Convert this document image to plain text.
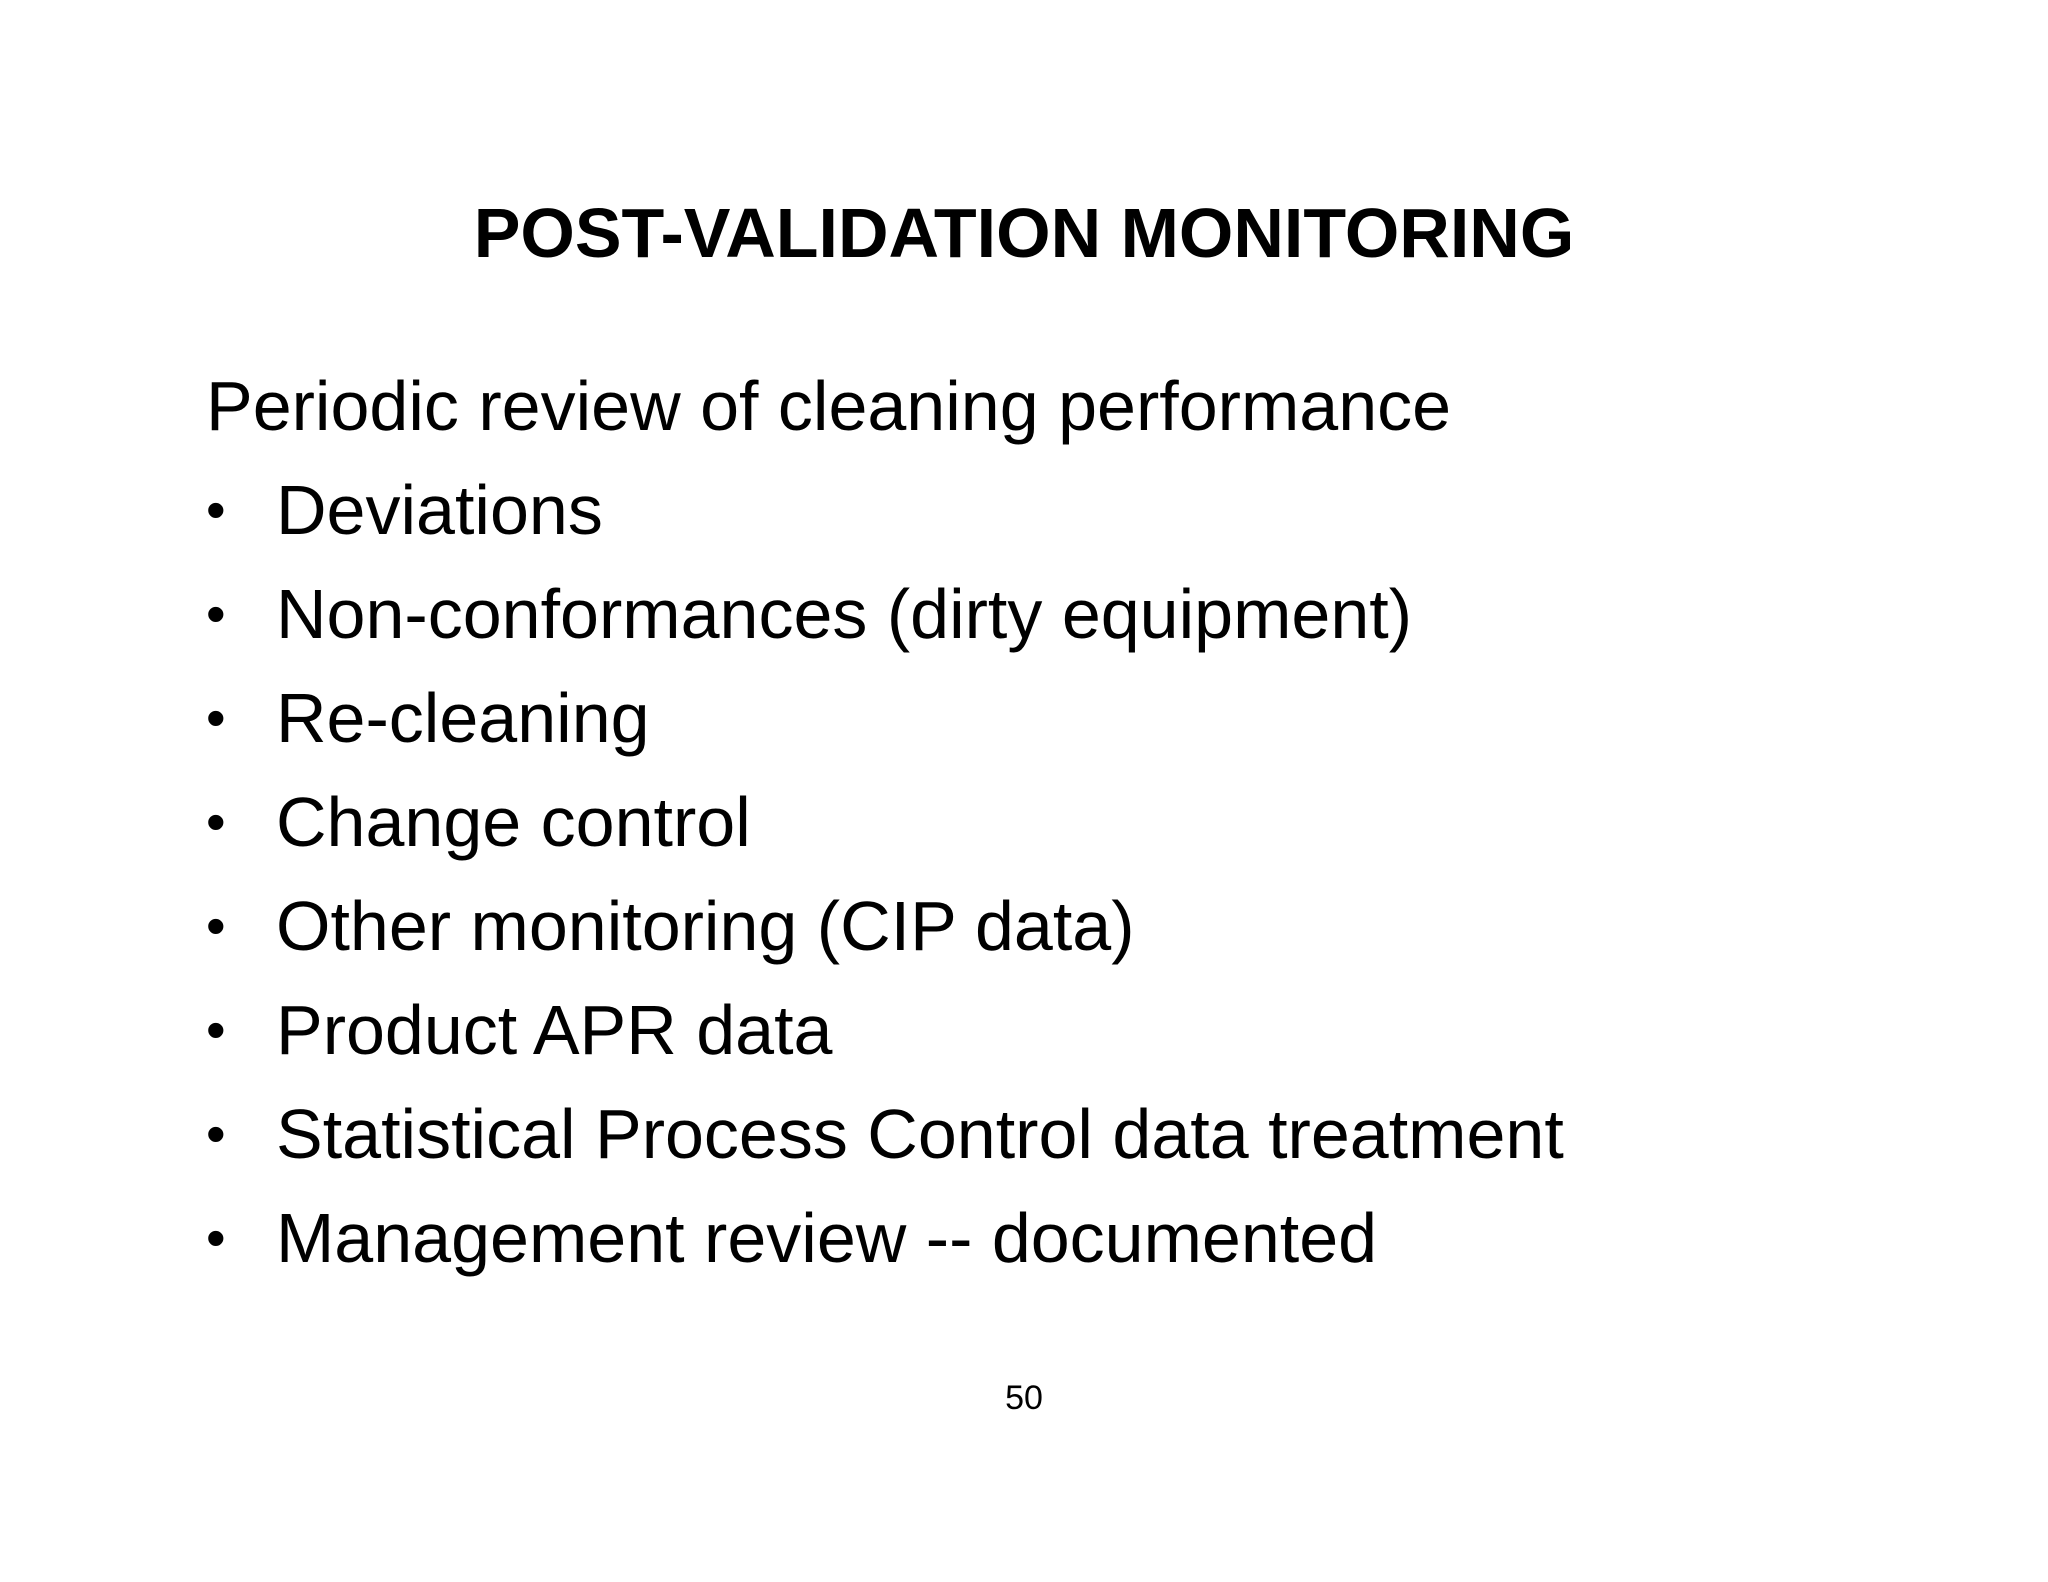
POST-VALIDATION MONITORING
Periodic review of cleaning performance
• Deviations
• Non-conformances (dirty equipment)
• Re-cleaning
• Change control
• Other monitoring (CIP data)
• Product APR data
• Statistical Process Control data treatment
• Management review -- documented
50
